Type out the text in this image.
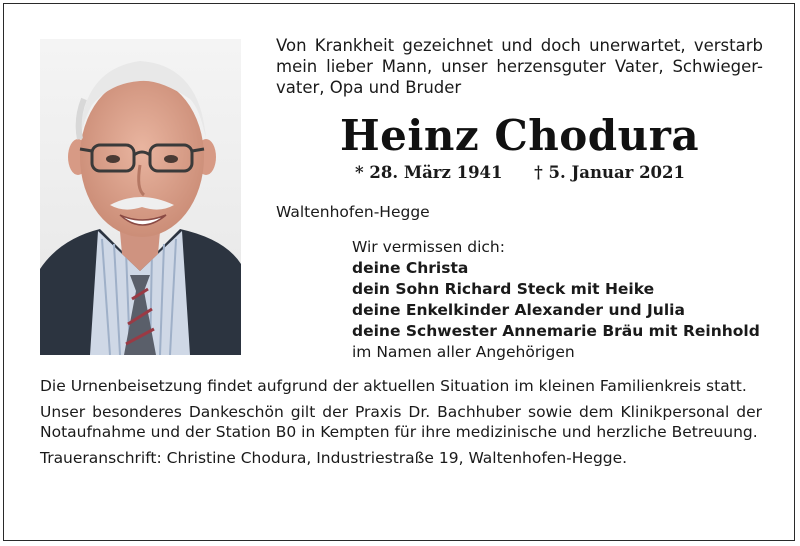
Von Krankheit gezeichnet und doch unerwartet, verstarb
mein lieber Mann, unser herzensguter Vater, Schwieger-
vater, Opa und Bruder
Heinz Chodura
* 28. März 1941 † 5. Januar 2021
Waltenhofen-Hegge
Wir vermissen dich:
deine Christa
dein Sohn Richard Steck mit Heike
deine Enkelkinder Alexander und Julia
deine Schwester Annemarie Bräu mit Reinhold
im Namen aller Angehörigen

Die Urnenbeisetzung findet aufgrund der aktuellen Situation im kleinen Familienkreis statt.

Unser besonderes Dankeschön gilt der Praxis Dr. Bachhuber sowie dem Klinikpersonal der Notaufnahme und der Station B0 in Kempten für ihre medizinische und herzliche Betreuung.

Traueranschrift: Christine Chodura, Industriestraße 19, Waltenhofen-Hegge.
